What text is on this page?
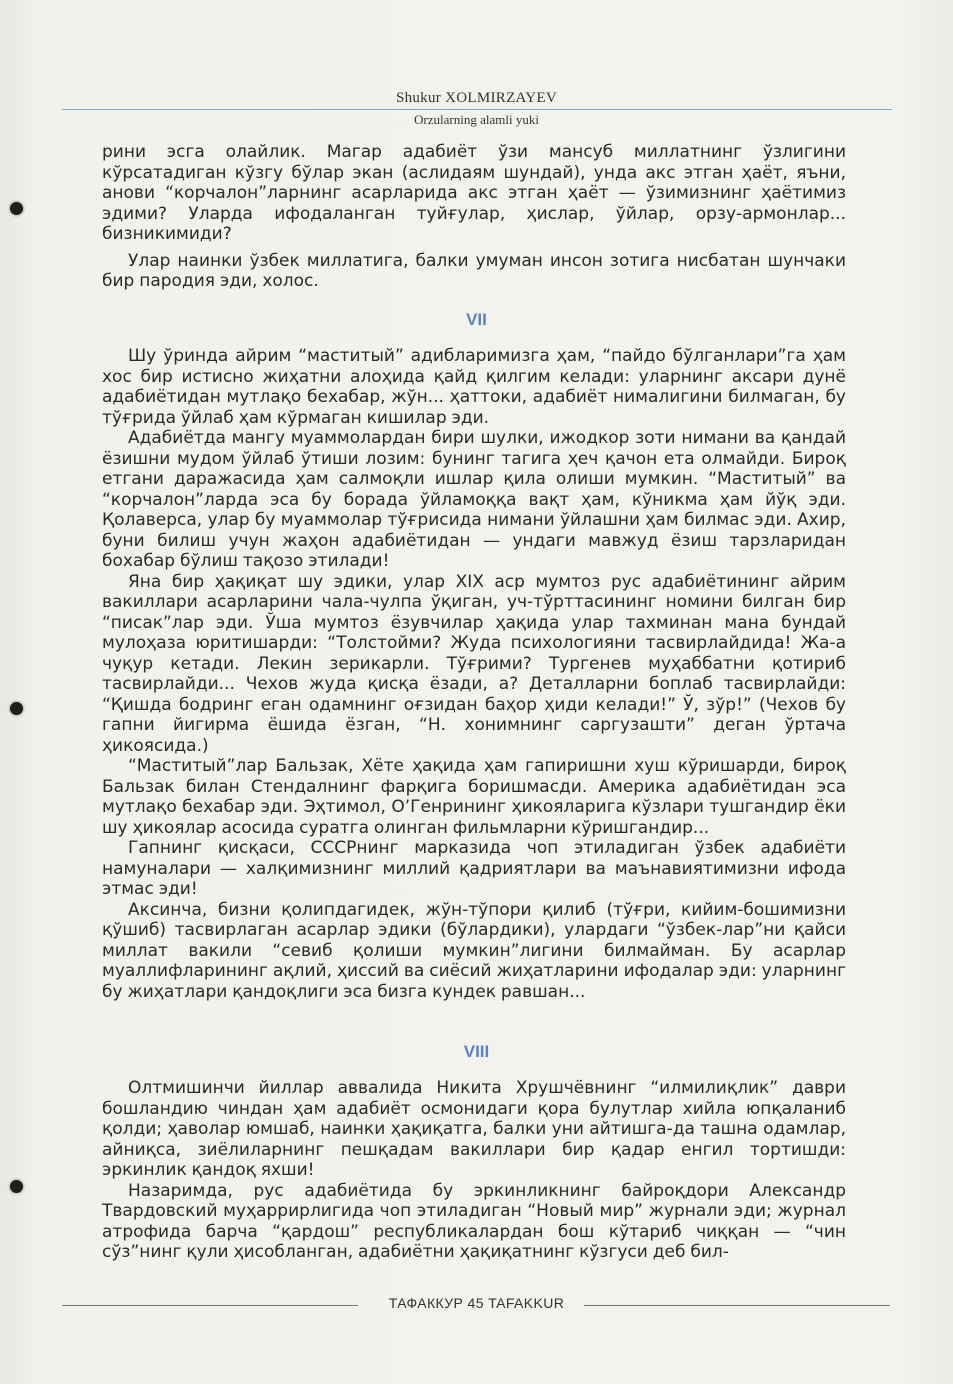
Shukur XOLMIRZAYEV
Orzularning alamli yuki

рини эсга олайлик. Магар адабиёт ўзи мансуб миллатнинг ўзлигини кўрсатадиган кўзгу бўлар экан (аслидаям шундай), унда акс этган ҳаёт, яъни, анови “корчалон”ларнинг асарларида акс этган ҳаёт — ўзимизнинг ҳаётимиз эдими? Уларда ифодаланган туйғулар, ҳислар, ўйлар, орзу-армонлар... бизникимиди?

Улар наинки ўзбек миллатига, балки умуман инсон зотига нисбатан шунчаки бир пародия эди, холос.

VII

Шу ўринда айрим “маститый” адибларимизга ҳам, “пайдо бўлганлари”га ҳам хос бир истисно жиҳатни алоҳида қайд қилгим келади: уларнинг аксари дунё адабиётидан мутлақо бехабар, жўн... ҳаттоки, адабиёт нималигини билмаган, бу тўғрида ўйлаб ҳам кўрмаган кишилар эди.

Адабиётда мангу муаммолардан бири шулки, ижодкор зоти нимани ва қандай ёзишни мудом ўйлаб ўтиши лозим: бунинг тагига ҳеч қачон ета олмайди. Бироқ етгани даражасида ҳам салмоқли ишлар қила олиши мумкин. “Маститый” ва “корчалон”ларда эса бу борада ўйламоққа вақт ҳам, кўникма ҳам йўқ эди. Қолаверса, улар бу муаммолар тўғрисида нимани ўйлашни ҳам билмас эди. Ахир, буни билиш учун жаҳон адабиётидан — ундаги мавжуд ёзиш тарзларидан бохабар бўлиш тақозо этилади!

Яна бир ҳақиқат шу эдики, улар XIX аср мумтоз рус адабиётининг айрим вакиллари асарларини чала-чулпа ўқиган, уч-тўрттасининг номини билган бир “писак”лар эди. Ўша мумтоз ёзувчилар ҳақида улар тахминан мана бундай мулоҳаза юритишарди: “Толстойми? Жуда психологияни тасвирлайдида! Жа-а чуқур кетади. Лекин зерикарли. Тўғрими? Тургенев муҳаббатни қотириб тасвирлайди... Чехов жуда қисқа ёзади, а? Деталларни боплаб тасвирлайди: “Қишда бодринг еган одамнинг оғзидан баҳор ҳиди келади!” Ў, зўр!” (Чехов бу гапни йигирма ёшида ёзган, “Н. хонимнинг саргузашти” деган ўртача ҳикоясида.)

“Маститый”лар Бальзак, Хёте ҳақида ҳам гапиришни хуш кўришарди, бироқ Бальзак билан Стендалнинг фарқига боришмасди. Америка адабиётидан эса мутлақо бехабар эди. Эҳтимол, О’Генрининг ҳикояларига кўзлари тушгандир ёки шу ҳикоялар асосида суратга олинган фильмларни кўришгандир...

Гапнинг қисқаси, СССРнинг марказида чоп этиладиган ўзбек адабиёти намуналари — халқимизнинг миллий қадриятлари ва маънавиятимизни ифода этмас эди!

Аксинча, бизни қолипдагидек, жўн-тўпори қилиб (тўғри, кийим-бошимизни қўшиб) тасвирлаган асарлар эдики (бўлардики), улардаги “ўзбек-лар”ни қайси миллат вакили “севиб қолиши мумкин”лигини билмайман. Бу асарлар муаллифларининг ақлий, ҳиссий ва сиёсий жиҳатларини ифодалар эди: уларнинг бу жиҳатлари қандоқлиги эса бизга кундек равшан...

VIII

Олтмишинчи йиллар аввалида Никита Хрушчёвнинг “илмилиқлик” даври бошландию чиндан ҳам адабиёт осмонидаги қора булутлар хийла юпқаланиб қолди; ҳаволар юмшаб, наинки ҳақиқатга, балки уни айтишга-да ташна одамлар, айниқса, зиёлиларнинг пешқадам вакиллари бир қадар енгил тортишди: эркинлик қандоқ яхши!

Назаримда, рус адабиётида бу эркинликнинг байроқдори Александр Твардовский муҳаррирлигида чоп этиладиган “Новый мир” журнали эди; журнал атрофида барча “қардош” республикалардан бош кўтариб чиққан — “чин сўз”нинг қули ҳисобланган, адабиётни ҳақиқатнинг кўзгуси деб бил-

ТАФАККУР 45 TAFAKKUR
